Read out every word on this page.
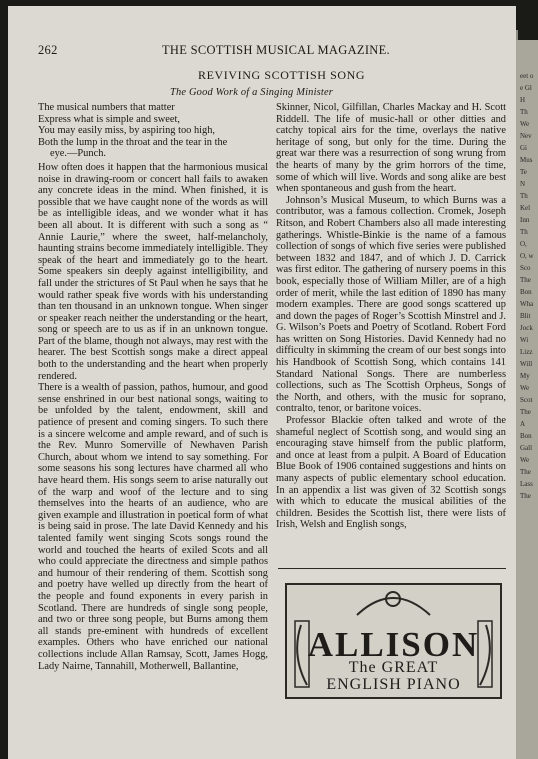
eet o
e Gl
H
Th
We
Nev
Gi
Mus
Te
N
Th
Kel
Inn
Th
O,
O, w
Sco
The
Bon
Wha
Blit
Jock
Wi
Lizz
Will
My
We
Scot
The
A
Bon
Gall
We
The
Lass
The
262	THE SCOTTISH MUSICAL MAGAZINE.
REVIVING SCOTTISH SONG
The Good Work of a Singing Minister
The musical numbers that matter
Express what is simple and sweet,
You may easily miss, by aspiring too high,
Both the lump in the throat and the tear in the
eye.—Punch.

How often does it happen that the harmonious musical noise in drawing-room or concert hall fails to awaken any concrete ideas in the mind. When finished, it is possible that we have caught none of the words as will be as intelligible ideas, and we wonder what it has been all about. It is different with such a song as “ Annie Laurie,” where the sweet, half-melancholy, haunting strains become immediately intelligible. They speak of the heart and immediately go to the heart. Some speakers sin deeply against intelligibility, and fall under the strictures of St Paul when he says that he would rather speak five words with his understanding than ten thousand in an unknown tongue. When singer or speaker reach neither the understanding or the heart, song or speech are to us as if in an unknown tongue. Part of the blame, though not always, may rest with the hearer. The best Scottish songs make a direct appeal both to the understanding and the heart when properly rendered.

There is a wealth of passion, pathos, humour, and good sense enshrined in our best national songs, waiting to be unfolded by the talent, endowment, skill and patience of present and coming singers. To such there is a sincere welcome and ample reward, and of such is the Rev. Munro Somerville of Newhaven Parish Church, about whom we intend to say something. For some seasons his song lectures have charmed all who have heard them. His songs seem to arise naturally out of the warp and woof of the lecture and to sing themselves into the hearts of an audience, who are given example and illustration in poetical form of what is being said in prose. The late David Kennedy and his talented family went singing Scots songs round the world and touched the hearts of exiled Scots and all who could appreciate the directness and simple pathos and humour of their rendering of them. Scottish song and poetry have welled up directly from the heart of the people and found exponents in every parish in Scotland. There are hundreds of single song people, and two or three song people, but Burns among them all stands pre-eminent with hundreds of excellent examples. Others who have enriched our national collections include Allan Ramsay, Scott, James Hogg, Lady Nairne, Tannahill, Motherwell, Ballantine,

Skinner, Nicol, Gilfillan, Charles Mackay and H. Scott Riddell. The life of music-hall or other ditties and catchy topical airs for the time, overlays the native heritage of song, but only for the time. During the great war there was a resurrection of song wrung from the hearts of many by the grim horrors of the time, some of which will live. Words and song alike are best when spontaneous and gush from the heart.

Johnson’s Musical Museum, to which Burns was a contributor, was a famous collection. Cromek, Joseph Ritson, and Robert Chambers also all made interesting gatherings. Whistle-Binkie is the name of a famous collection of songs of which five series were published between 1832 and 1847, and of which J. D. Carrick was first editor. The gathering of nursery poems in this book, especially those of William Miller, are of a high order of merit, while the last edition of 1890 has many modern examples. There are good songs scattered up and down the pages of Roger’s Scottish Minstrel and J. G. Wilson’s Poets and Poetry of Scotland. Robert Ford has written on Song Histories. David Kennedy had no difficulty in skimming the cream of our best songs into his Handbook of Scottish Song, which contains 141 Standard National Songs. There are numberless collections, such as The Scottish Orpheus, Songs of the North, and others, with the music for soprano, contralto, tenor, or baritone voices.

Professor Blackie often talked and wrote of the shameful neglect of Scottish song, and would sing an encouraging stave himself from the public platform, and once at least from a pulpit. A Board of Education Blue Book of 1906 contained suggestions and hints on many aspects of public elementary school education. In an appendix a list was given of 32 Scottish songs with which to educate the musical abilities of the children. Besides the Scottish list, there were lists of Irish, Welsh and English songs,

ALLISON
The GREAT
ENGLISH PIANO
